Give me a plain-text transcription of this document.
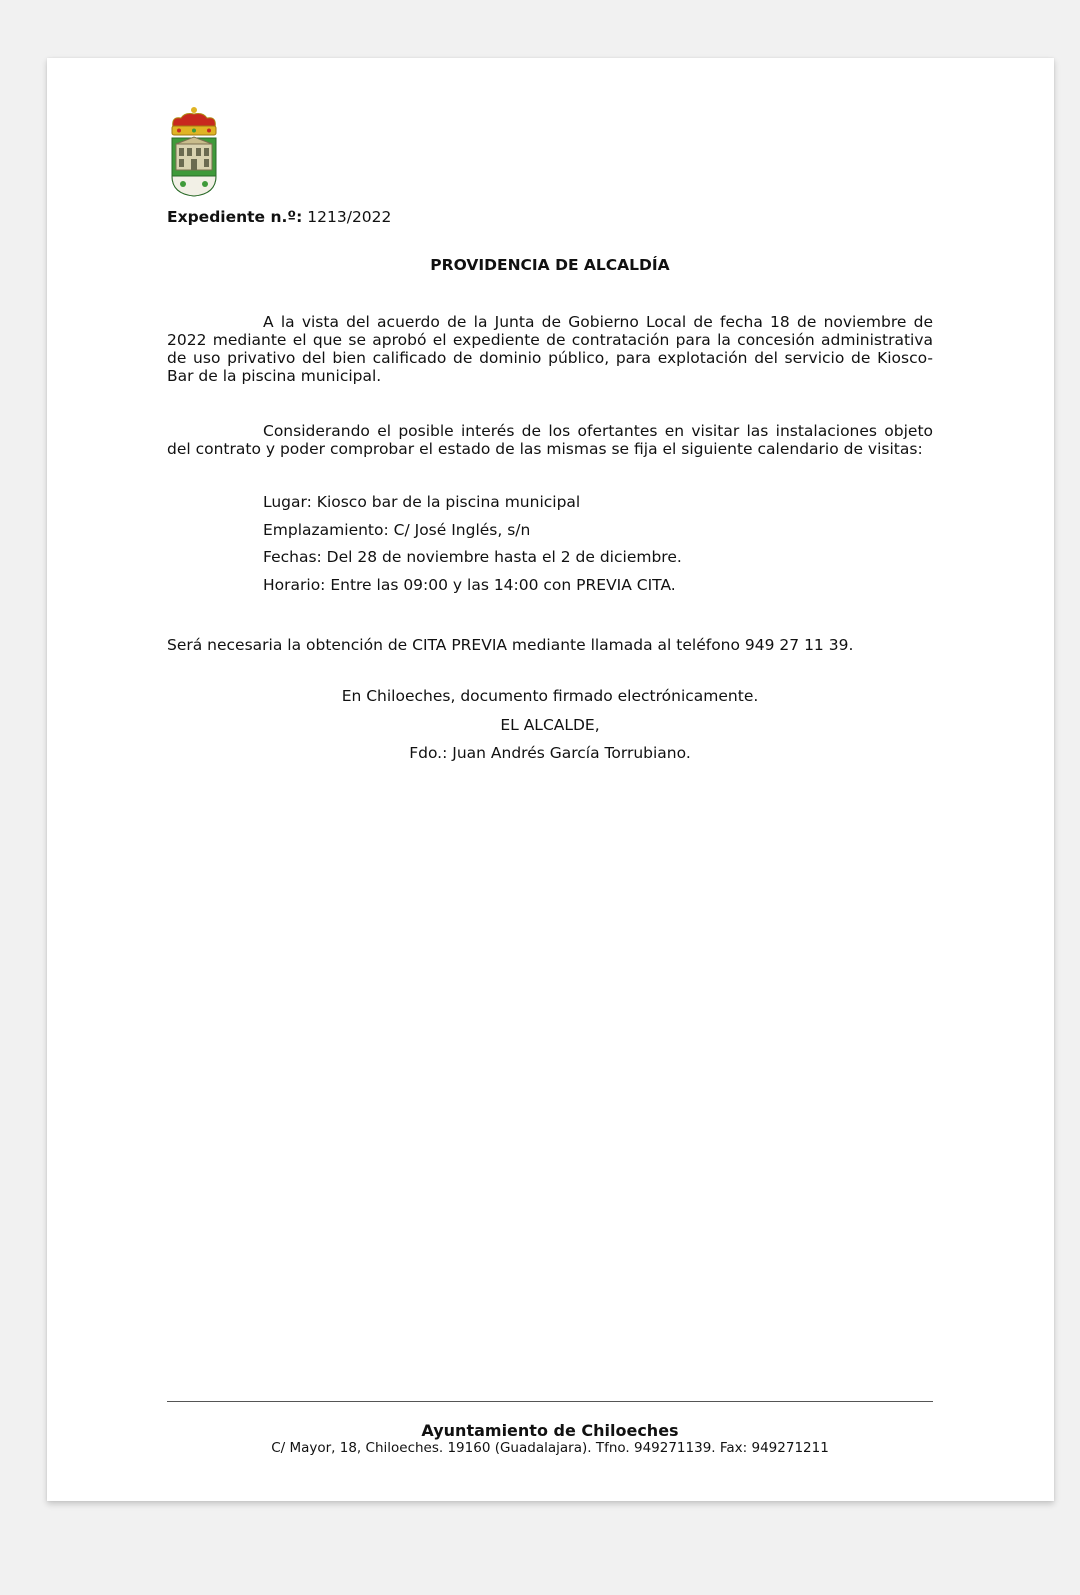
Expediente n.º: 1213/2022
PROVIDENCIA DE ALCALDÍA
A la vista del acuerdo de la Junta de Gobierno Local de fecha 18 de noviembre de 2022 mediante el que se aprobó el expediente de contratación para la concesión administrativa de uso privativo del bien calificado de dominio público, para explotación del servicio de Kiosco-Bar de la piscina municipal.
Considerando el posible interés de los ofertantes en visitar las instalaciones objeto del contrato y poder comprobar el estado de las mismas se fija el siguiente calendario de visitas:
Lugar: Kiosco bar de la piscina municipal
Emplazamiento: C/ José Inglés, s/n
Fechas: Del 28 de noviembre hasta el 2 de diciembre.
Horario: Entre las 09:00 y las 14:00 con PREVIA CITA.
Será necesaria la obtención de CITA PREVIA mediante llamada al teléfono 949 27 11 39.
En Chiloeches, documento firmado electrónicamente.
EL ALCALDE,
Fdo.: Juan Andrés García Torrubiano.
Ayuntamiento de Chiloeches
C/ Mayor, 18, Chiloeches. 19160 (Guadalajara). Tfno. 949271139. Fax: 949271211
